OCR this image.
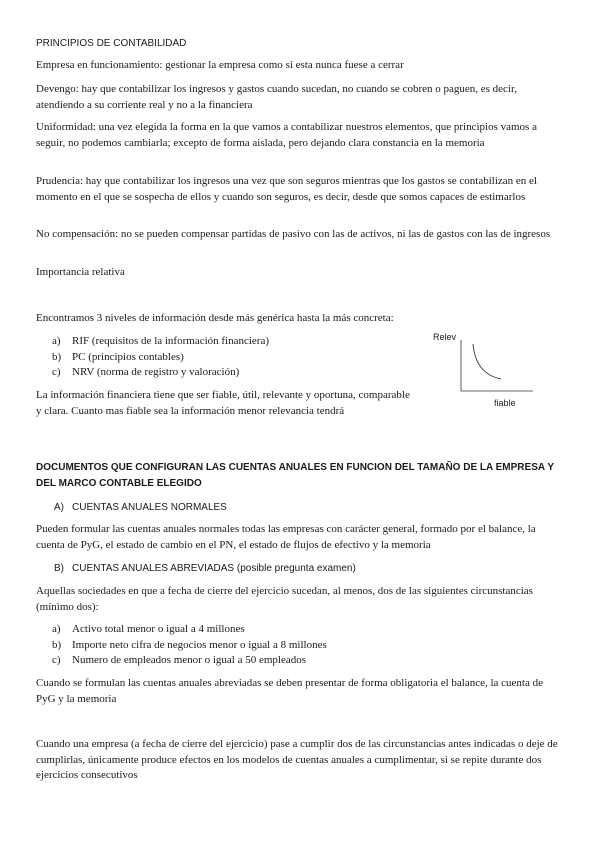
PRINCIPIOS DE CONTABILIDAD

Empresa en funcionamiento: gestionar la empresa como si esta nunca fuese a cerrar

Devengo: hay que contabilizar los ingresos y gastos cuando sucedan, no cuando se cobren o paguen, es decir, atendiendo a su corriente real y no a la financiera

Uniformidad: una vez elegida la forma en la que vamos a contabilizar nuestros elementos, que principios vamos a seguir, no podemos cambiarla; excepto de forma aislada, pero dejando clara constancia en la memoria

Prudencia: hay que contabilizar los ingresos una vez que son seguros mientras que los gastos se contabilizan en el momento en el que se sospecha de ellos y cuando son seguros, es decir, desde que somos capaces de estimarlos

No compensación: no se pueden compensar partidas de pasivo con las de activos, ni las de gastos con las de ingresos

Importancia relativa

Encontramos 3 niveles de información desde más genérica hasta la más concreta:

a) RIF (requisitos de la información financiera)
b) PC (principios contables)
c) NRV (norma de registro y valoración)
Relev
fiable

La información financiera tiene que ser fiable, útil, relevante y oportuna, comparable y clara. Cuanto mas fiable sea la información menor relevancia tendrá

DOCUMENTOS QUE CONFIGURAN LAS CUENTAS ANUALES EN FUNCION DEL TAMAÑO DE LA EMPRESA Y DEL MARCO CONTABLE ELEGIDO

A) CUENTAS ANUALES NORMALES

Pueden formular las cuentas anuales normales todas las empresas con carácter general, formado por el balance, la cuenta de PyG, el estado de cambio en el PN, el estado de flujos de efectivo y la memoria

B) CUENTAS ANUALES ABREVIADAS (posible pregunta examen)

Aquellas sociedades en que a fecha de cierre del ejercicio sucedan, al menos, dos de las siguientes circunstancias (mínimo dos):

a) Activo total menor o igual a 4 millones
b) Importe neto cifra de negocios menor o igual a 8 millones
c) Numero de empleados menor o igual a 50 empleados

Cuando se formulan las cuentas anuales abreviadas se deben presentar de forma obligatoria el balance, la cuenta de PyG y la memoria

Cuando una empresa (a fecha de cierre del ejercicio) pase a cumplir dos de las circunstancias antes indicadas o deje de cumplirlas, únicamente produce efectos en los modelos de cuentas anuales a cumplimentar, si se repite durante dos ejercicios consecutivos
